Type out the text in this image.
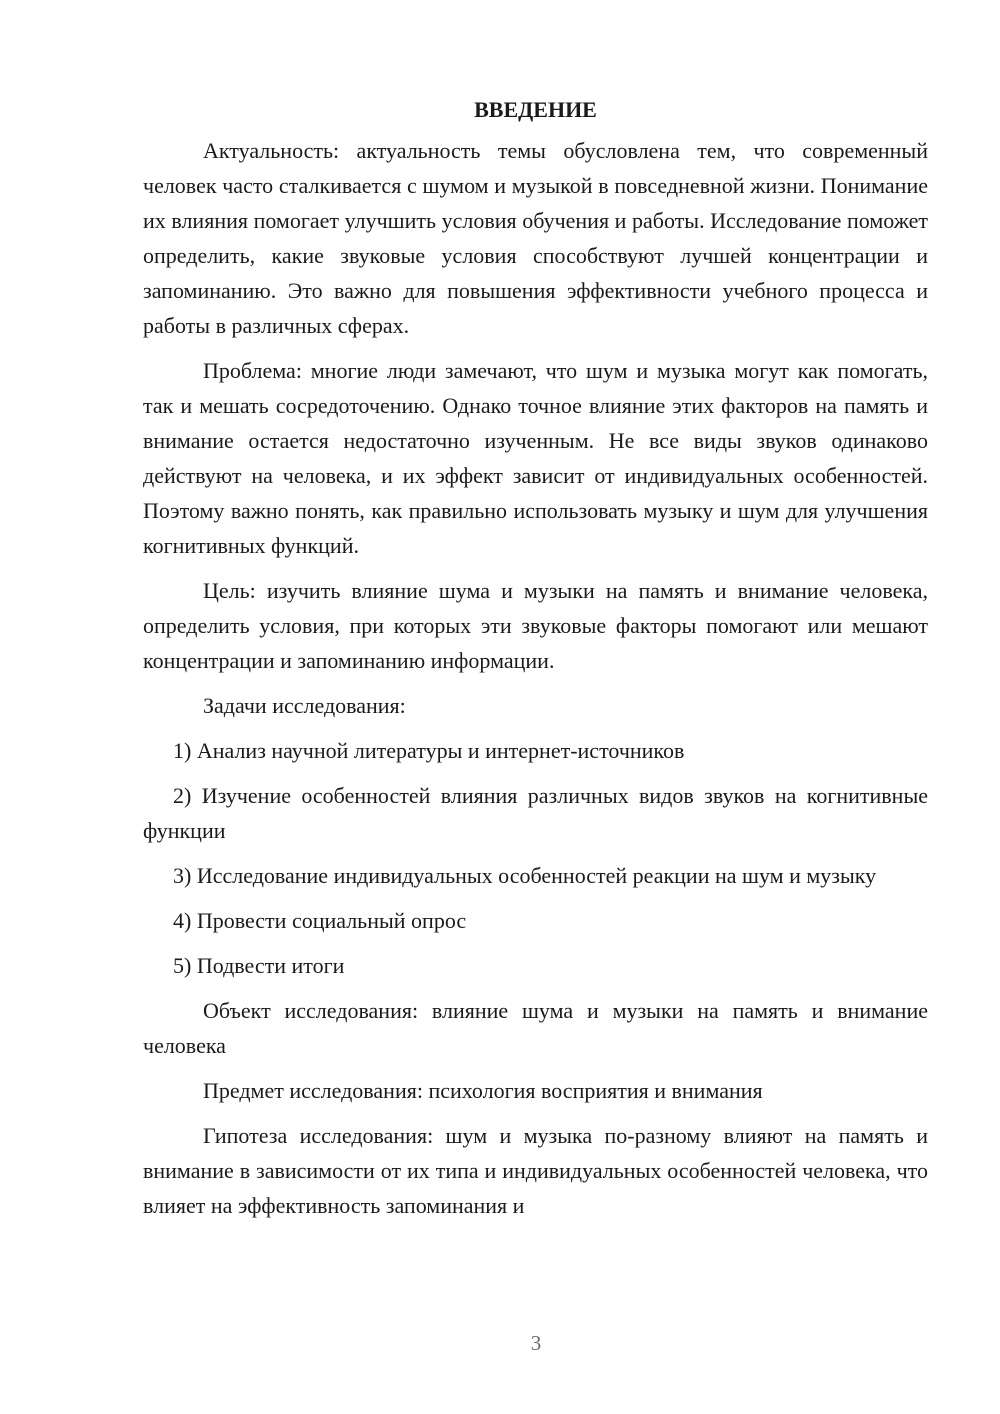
ВВЕДЕНИЕ
Актуальность: актуальность темы обусловлена тем, что современный человек часто сталкивается с шумом и музыкой в повседневной жизни. Понимание их влияния помогает улучшить условия обучения и работы. Исследование поможет определить, какие звуковые условия способствуют лучшей концентрации и запоминанию. Это важно для повышения эффективности учебного процесса и работы в различных сферах.
Проблема: многие люди замечают, что шум и музыка могут как помогать, так и мешать сосредоточению. Однако точное влияние этих факторов на память и внимание остается недостаточно изученным. Не все виды звуков одинаково действуют на человека, и их эффект зависит от индивидуальных особенностей. Поэтому важно понять, как правильно использовать музыку и шум для улучшения когнитивных функций.
Цель: изучить влияние шума и музыки на память и внимание человека, определить условия, при которых эти звуковые факторы помогают или мешают концентрации и запоминанию информации.
Задачи исследования:
1) Анализ научной литературы и интернет-источников
2) Изучение особенностей влияния различных видов звуков на когнитивные функции
3) Исследование индивидуальных особенностей реакции на шум и музыку
4) Провести социальный опрос
5) Подвести итоги
Объект исследования: влияние шума и музыки на память и внимание человека
Предмет исследования: психология восприятия и внимания
Гипотеза исследования: шум и музыка по-разному влияют на память и внимание в зависимости от их типа и индивидуальных особенностей человека, что влияет на эффективность запоминания и
3
